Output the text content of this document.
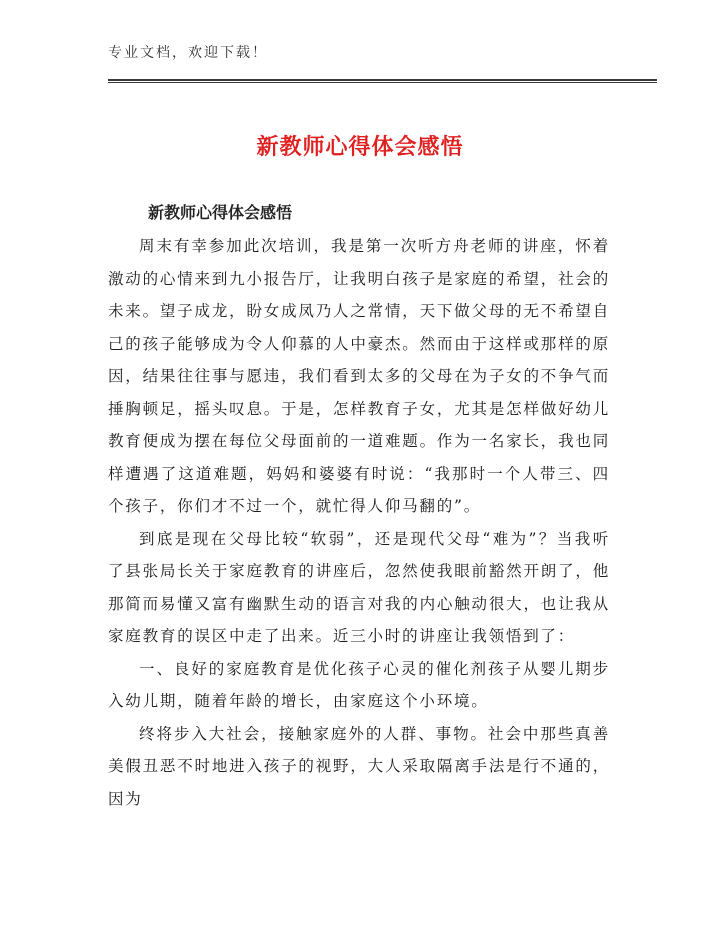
专业文档，欢迎下载！
新教师心得体会感悟
新教师心得体会感悟

周末有幸参加此次培训，我是第一次听方舟老师的讲座，怀着激动的心情来到九小报告厅，让我明白孩子是家庭的希望，社会的未来。望子成龙，盼女成凤乃人之常情，天下做父母的无不希望自己的孩子能够成为令人仰慕的人中豪杰。然而由于这样或那样的原因，结果往往事与愿违，我们看到太多的父母在为子女的不争气而捶胸顿足，摇头叹息。于是，怎样教育子女，尤其是怎样做好幼儿教育便成为摆在每位父母面前的一道难题。作为一名家长，我也同样遭遇了这道难题，妈妈和婆婆有时说：“我那时一个人带三、四个孩子，你们才不过一个，就忙得人仰马翻的”。

到底是现在父母比较“软弱”，还是现代父母“难为”？当我听了县张局长关于家庭教育的讲座后，忽然使我眼前豁然开朗了，他那简而易懂又富有幽默生动的语言对我的内心触动很大，也让我从家庭教育的误区中走了出来。近三小时的讲座让我领悟到了：

一、良好的家庭教育是优化孩子心灵的催化剂孩子从婴儿期步入幼儿期，随着年龄的增长，由家庭这个小环境。

终将步入大社会，接触家庭外的人群、事物。社会中那些真善美假丑恶不时地进入孩子的视野，大人采取隔离手法是行不通的，因为
